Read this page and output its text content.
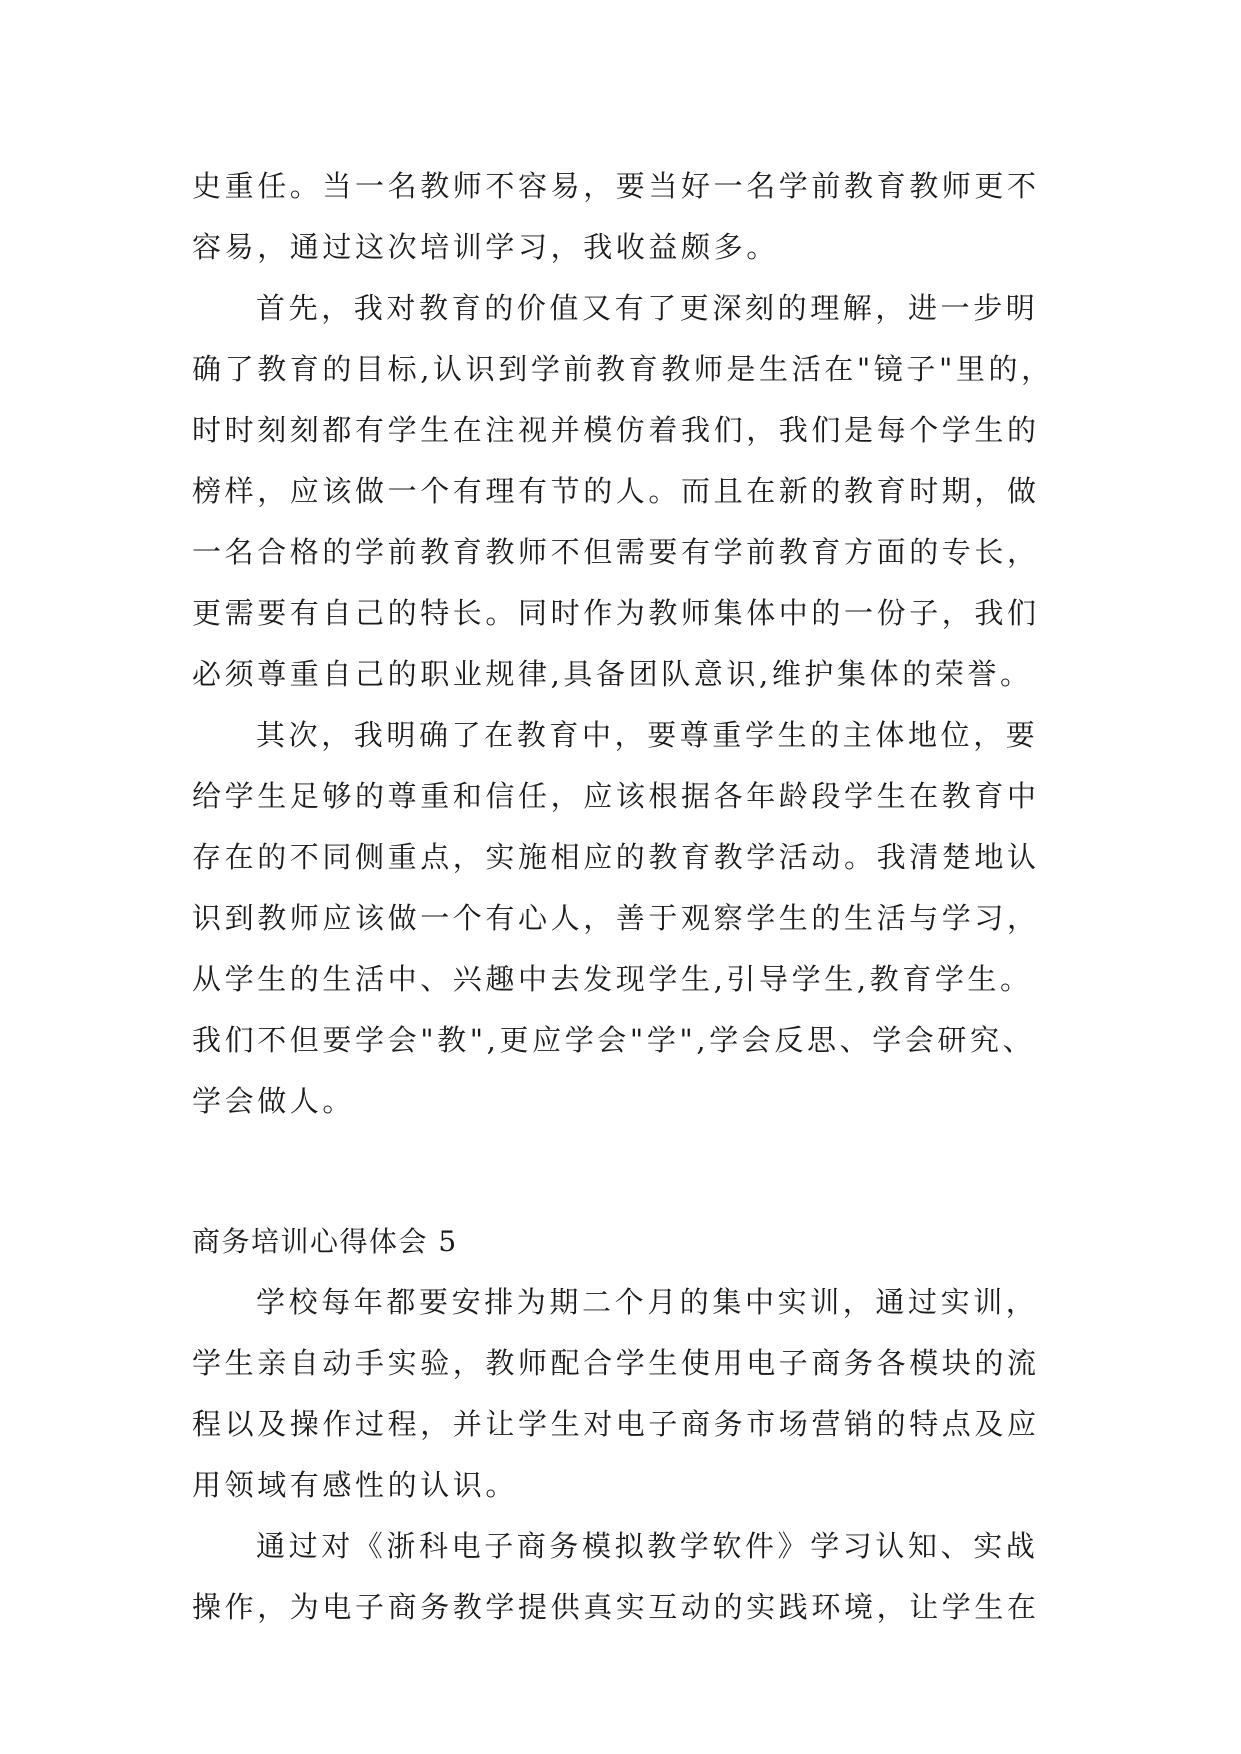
史重任。当一名教师不容易，要当好一名学前教育教师更不
容易，通过这次培训学习，我收益颇多。
首先，我对教育的价值又有了更深刻的理解，进一步明
确了教育的目标,认识到学前教育教师是生活在"镜子"里的，
时时刻刻都有学生在注视并模仿着我们，我们是每个学生的
榜样，应该做一个有理有节的人。而且在新的教育时期，做
一名合格的学前教育教师不但需要有学前教育方面的专长，
更需要有自己的特长。同时作为教师集体中的一份子，我们
必须尊重自己的职业规律,具备团队意识,维护集体的荣誉。
其次，我明确了在教育中，要尊重学生的主体地位，要
给学生足够的尊重和信任，应该根据各年龄段学生在教育中
存在的不同侧重点，实施相应的教育教学活动。我清楚地认
识到教师应该做一个有心人，善于观察学生的生活与学习，
从学生的生活中、兴趣中去发现学生,引导学生,教育学生。
我们不但要学会"教",更应学会"学",学会反思、学会研究、
学会做人。
商务培训心得体会 5
学校每年都要安排为期二个月的集中实训，通过实训，
学生亲自动手实验，教师配合学生使用电子商务各模块的流
程以及操作过程，并让学生对电子商务市场营销的特点及应
用领域有感性的认识。
通过对《浙科电子商务模拟教学软件》学习认知、实战
操作，为电子商务教学提供真实互动的实践环境，让学生在
